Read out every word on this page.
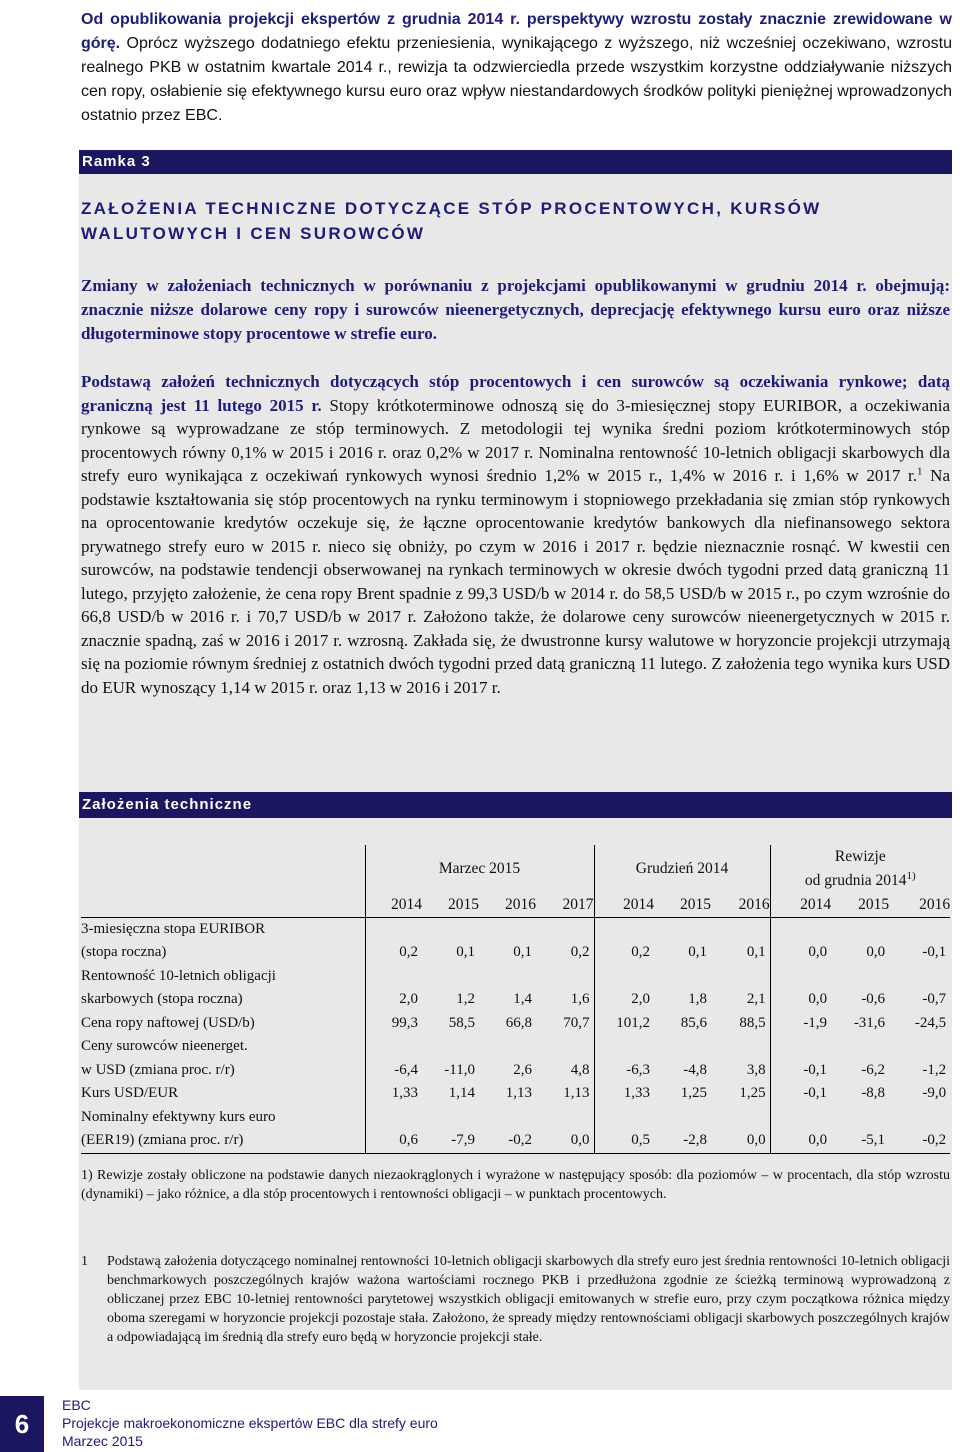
Od opublikowania projekcji ekspertów z grudnia 2014 r. perspektywy wzrostu zostały znacznie zrewidowane w górę. Oprócz wyższego dodatniego efektu przeniesienia, wynikającego z wyższego, niż wcześniej oczekiwano, wzrostu realnego PKB w ostatnim kwartale 2014 r., rewizja ta odzwierciedla przede wszystkim korzystne oddziaływanie niższych cen ropy, osłabienie się efektywnego kursu euro oraz wpływ niestandardowych środków polityki pieniężnej wprowadzonych ostatnio przez EBC.
Ramka 3
ZAŁOŻENIA TECHNICZNE DOTYCZĄCE STÓP PROCENTOWYCH, KURSÓW WALUTOWYCH I CEN SUROWCÓW
Zmiany w założeniach technicznych w porównaniu z projekcjami opublikowanymi w grudniu 2014 r. obejmują: znacznie niższe dolarowe ceny ropy i surowców nieenergetycznych, deprecjację efektywnego kursu euro oraz niższe długoterminowe stopy procentowe w strefie euro.
Podstawą założeń technicznych dotyczących stóp procentowych i cen surowców są oczekiwania rynkowe; datą graniczną jest 11 lutego 2015 r. Stopy krótkoterminowe odnoszą się do 3-miesięcznej stopy EURIBOR, a oczekiwania rynkowe są wyprowadzane ze stóp terminowych. Z metodologii tej wynika średni poziom krótkoterminowych stóp procentowych równy 0,1% w 2015 i 2016 r. oraz 0,2% w 2017 r. Nominalna rentowność 10-letnich obligacji skarbowych dla strefy euro wynikająca z oczekiwań rynkowych wynosi średnio 1,2% w 2015 r., 1,4% w 2016 r. i 1,6% w 2017 r.$^1$ Na podstawie kształtowania się stóp procentowych na rynku terminowym i stopniowego przekładania się zmian stóp rynkowych na oprocentowanie kredytów oczekuje się, że łączne oprocentowanie kredytów bankowych dla niefinansowego sektora prywatnego strefy euro w 2015 r. nieco się obniży, po czym w 2016 i 2017 r. będzie nieznacznie rosnąć. W kwestii cen surowców, na podstawie tendencji obserwowanej na rynkach terminowych w okresie dwóch tygodni przed datą graniczną 11 lutego, przyjęto założenie, że cena ropy Brent spadnie z 99,3 USD/b w 2014 r. do 58,5 USD/b w 2015 r., po czym wzrośnie do 66,8 USD/b w 2016 r. i 70,7 USD/b w 2017 r. Założono także, że dolarowe ceny surowców nieenergetycznych w 2015 r. znacznie spadną, zaś w 2016 i 2017 r. wzrosną. Zakłada się, że dwustronne kursy walutowe w horyzoncie projekcji utrzymają się na poziomie równym średniej z ostatnich dwóch tygodni przed datą graniczną 11 lutego. Z założenia tego wynika kurs USD do EUR wynoszący 1,14 w 2015 r. oraz 1,13 w 2016 i 2017 r.
Założenia techniczne
	Marzec 2015				Grudzień 2014			Rewizje		
								od grudnia 2014$^{1)}$
	2014	2015	2016	2017	2014	2015	2016	2014	2015	2016
3-miesięczna stopa EURIBOR										
(stopa roczna)	0,2	0,1	0,1	0,2	0,2	0,1	0,1	0,0	0,0	-0,1
Rentowność 10-letnich obligacji										
skarbowych (stopa roczna)	2,0	1,2	1,4	1,6	2,0	1,8	2,1	0,0	-0,6	-0,7
Cena ropy naftowej (USD/b)	99,3	58,5	66,8	70,7	101,2	85,6	88,5	-1,9	-31,6	-24,5
Ceny surowców nieenerget.										
w USD (zmiana proc. r/r)	-6,4	-11,0	2,6	4,8	-6,3	-4,8	3,8	-0,1	-6,2	-1,2
Kurs USD/EUR	1,33	1,14	1,13	1,13	1,33	1,25	1,25	-0,1	-8,8	-9,0
Nominalny efektywny kurs euro										
(EER19) (zmiana proc. r/r)	0,6	-7,9	-0,2	0,0	0,5	-2,8	0,0	0,0	-5,1	-0,2
1) Rewizje zostały obliczone na podstawie danych niezaokrąglonych i wyrażone w następujący sposób: dla poziomów – w procentach, dla stóp wzrostu (dynamiki) – jako różnice, a dla stóp procentowych i rentowności obligacji – w punktach procentowych.
1 Podstawą założenia dotyczącego nominalnej rentowności 10-letnich obligacji skarbowych dla strefy euro jest średnia rentowności 10-letnich obligacji benchmarkowych poszczególnych krajów ważona wartościami rocznego PKB i przedłużona zgodnie ze ścieżką terminową wyprowadzoną z obliczanej przez EBC 10-letniej rentowności parytetowej wszystkich obligacji emitowanych w strefie euro, przy czym początkowa różnica między oboma szeregami w horyzoncie projekcji pozostaje stała. Założono, że spready między rentownościami obligacji skarbowych poszczególnych krajów a odpowiadającą im średnią dla strefy euro będą w horyzoncie projekcji stałe.
6
EBC
Projekcje makroekonomiczne ekspertów EBC dla strefy euro
Marzec 2015
